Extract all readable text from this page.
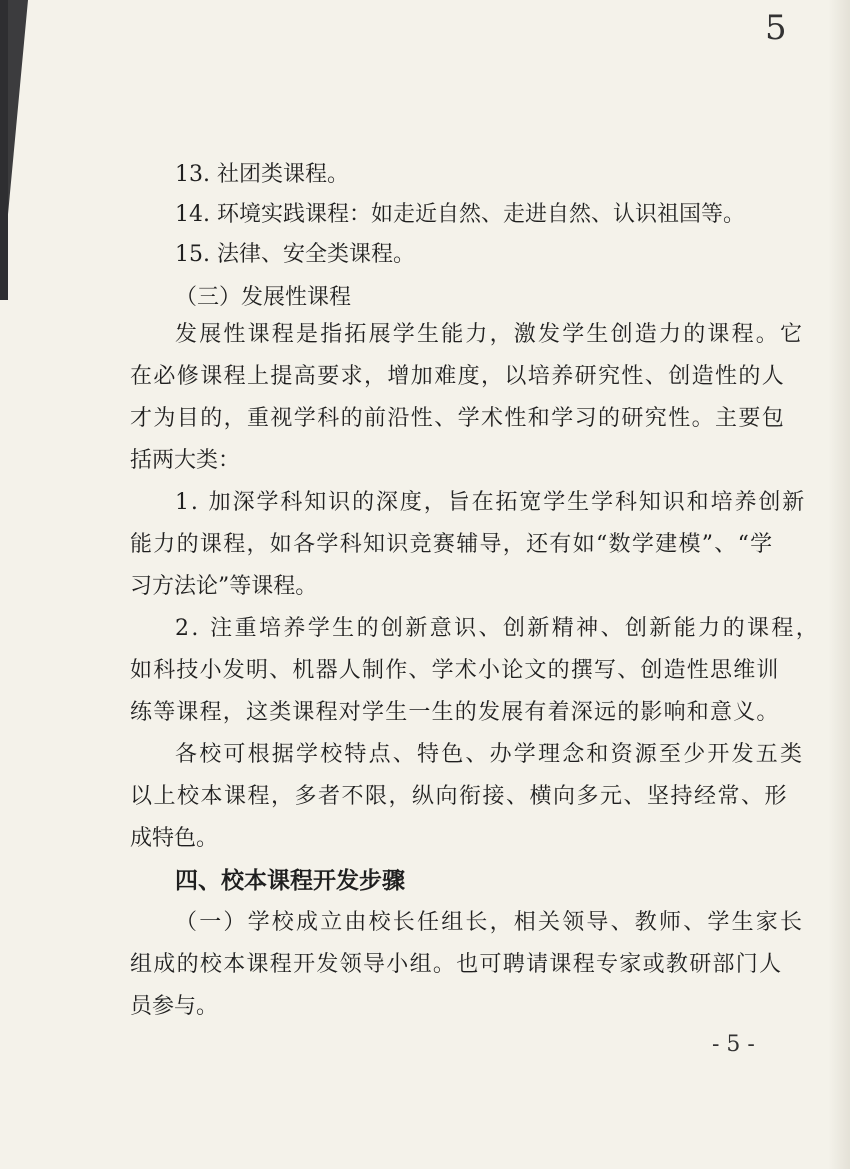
5

13. 社团类课程。

14. 环境实践课程：如走近自然、走进自然、认识祖国等。

15. 法律、安全类课程。

（三）发展性课程

发展性课程是指拓展学生能力，激发学生创造力的课程。它

在必修课程上提高要求，增加难度，以培养研究性、创造性的人

才为目的，重视学科的前沿性、学术性和学习的研究性。主要包

括两大类：

1. 加深学科知识的深度，旨在拓宽学生学科知识和培养创新

能力的课程，如各学科知识竞赛辅导，还有如“数学建模”、“学

习方法论”等课程。

2. 注重培养学生的创新意识、创新精神、创新能力的课程，

如科技小发明、机器人制作、学术小论文的撰写、创造性思维训

练等课程，这类课程对学生一生的发展有着深远的影响和意义。

各校可根据学校特点、特色、办学理念和资源至少开发五类

以上校本课程，多者不限，纵向衔接、横向多元、坚持经常、形

成特色。

四、校本课程开发步骤

（一）学校成立由校长任组长，相关领导、教师、学生家长

组成的校本课程开发领导小组。也可聘请课程专家或教研部门人

员参与。

- 5 -
